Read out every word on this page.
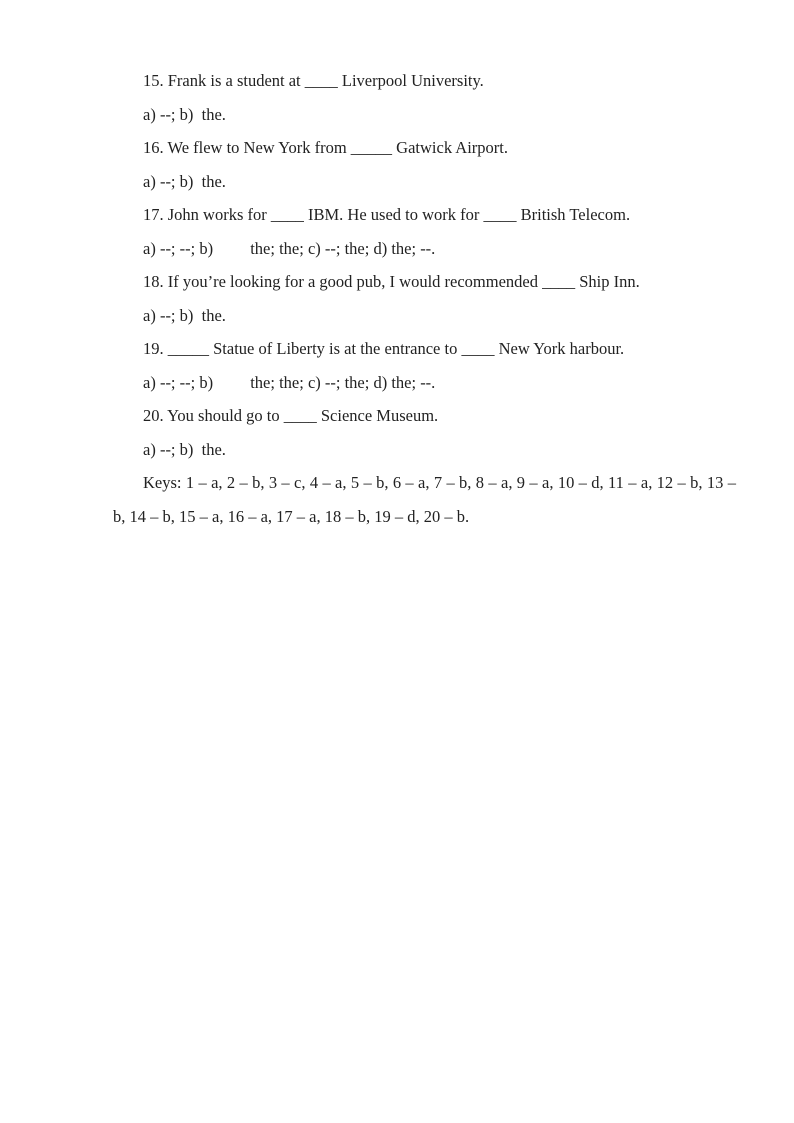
15. Frank is a student at ____ Liverpool University.

a) --; b)  the.

16. We flew to New York from _____ Gatwick Airport.

a) --; b)  the.

17. John works for ____ IBM. He used to work for ____ British Telecom.

a) --; --; b)         the; the; c) --; the; d) the; --.

18. If you’re looking for a good pub, I would recommended ____ Ship Inn.

a) --; b)  the.

19. _____ Statue of Liberty is at the entrance to ____ New York harbour.

a) --; --; b)         the; the; c) --; the; d) the; --.

20. You should go to ____ Science Museum.

a) --; b)  the.

Keys: 1 – a, 2 – b, 3 – c, 4 – a, 5 – b, 6 – a, 7 – b, 8 – a, 9 – a, 10 – d, 11 – a, 12 – b, 13 – b, 14 – b, 15 – a, 16 – a, 17 – a, 18 – b, 19 – d, 20 – b.
